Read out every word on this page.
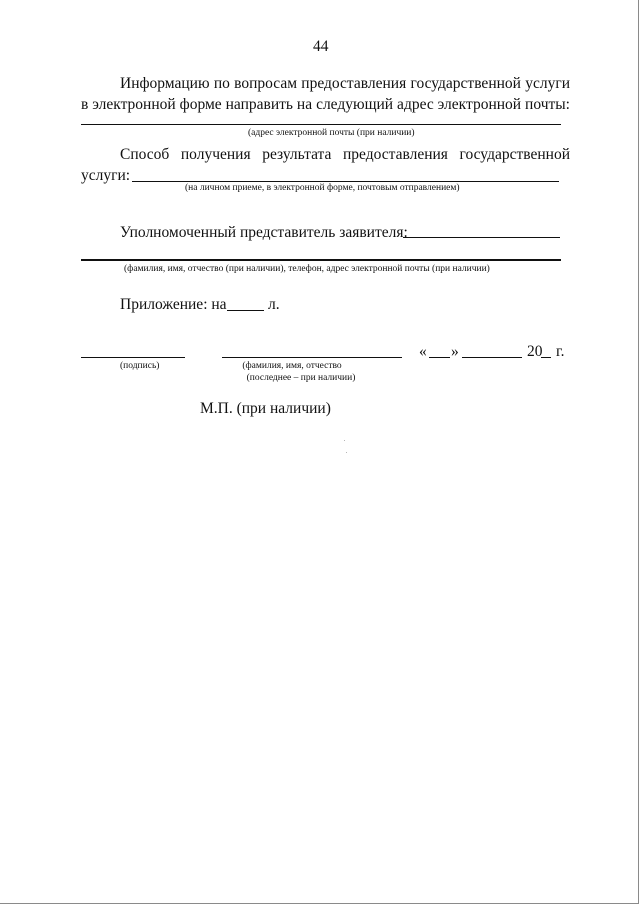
44
Информацию по вопросам предоставления государственной услуги
в электронной форме направить на следующий адрес электронной почты:
(адрес электронной почты (при наличии)
Способ получения результата предоставления государственной
услуги:
(на личном приеме, в электронной форме, почтовым отправлением)
Уполномоченный представитель заявителя:
(фамилия, имя, отчество (при наличии), телефон, адрес электронной почты (при наличии)
Приложение: на	л.
(подпись)	(фамилия, имя, отчество
(последнее – при наличии)
« »	20 г.
М.П. (при наличии)
